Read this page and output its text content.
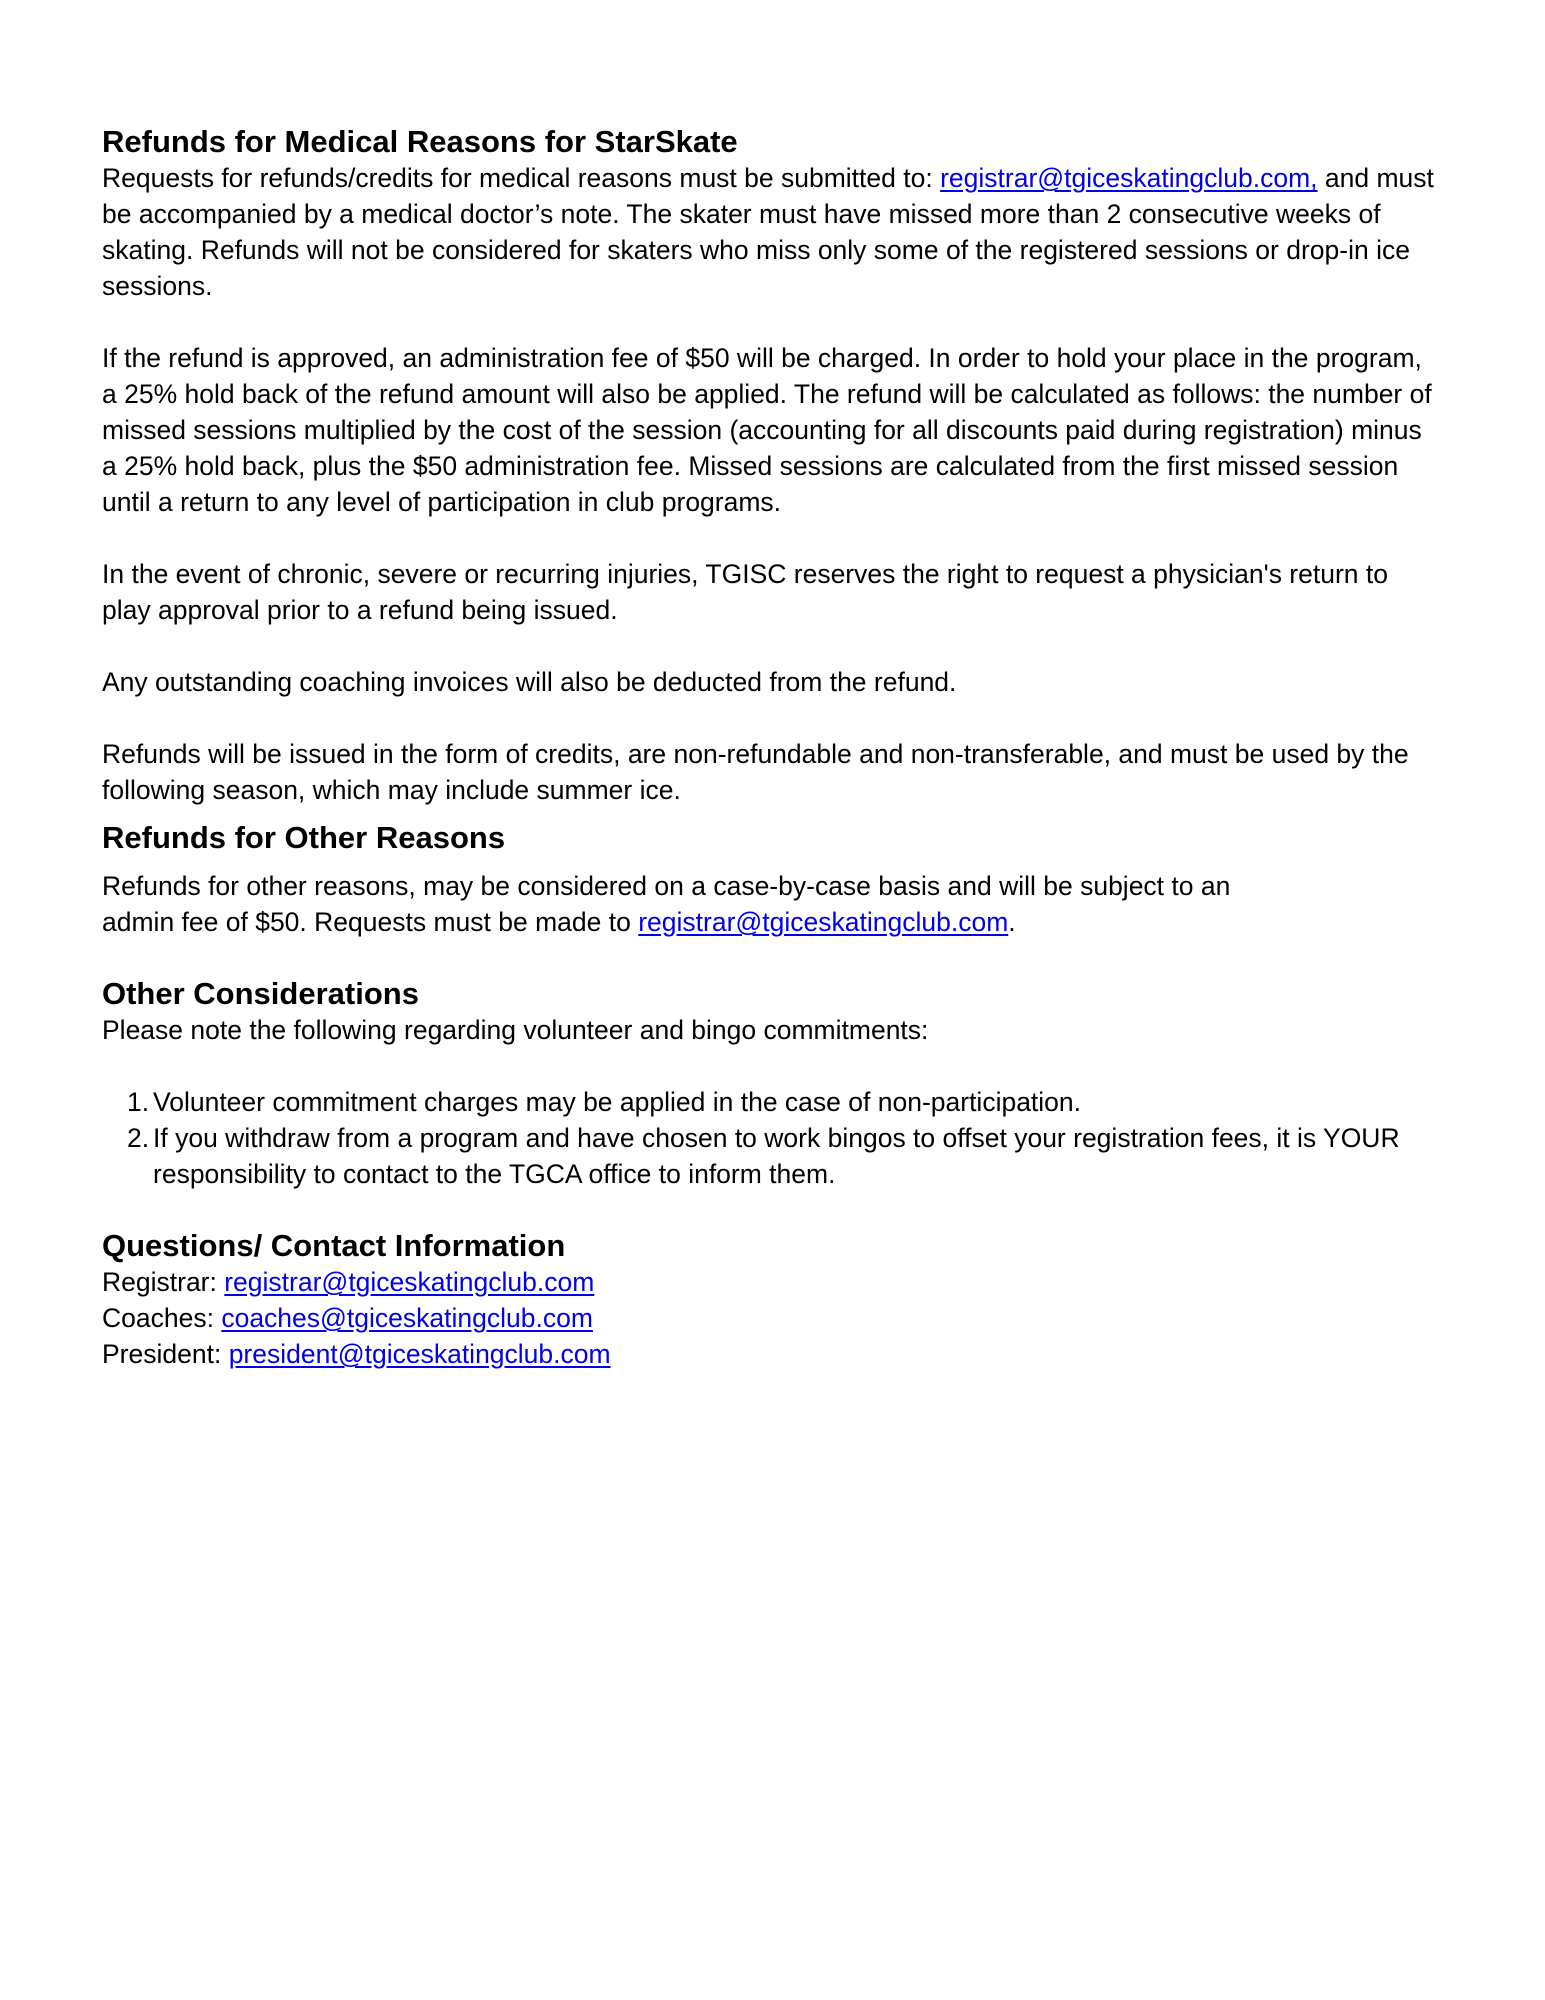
Refunds for Medical Reasons for StarSkate

Requests for refunds/credits for medical reasons must be submitted to: registrar@tgiceskatingclub.com, and must be accompanied by a medical doctor’s note. The skater must have missed more than 2 consecutive weeks of skating. Refunds will not be considered for skaters who miss only some of the registered sessions or drop-in ice sessions.

If the refund is approved, an administration fee of $50 will be charged. In order to hold your place in the program, a 25% hold back of the refund amount will also be applied. The refund will be calculated as follows: the number of missed sessions multiplied by the cost of the session (accounting for all discounts paid during registration) minus a 25% hold back, plus the $50 administration fee. Missed sessions are calculated from the first missed session until a return to any level of participation in club programs.

In the event of chronic, severe or recurring injuries, TGISC reserves the right to request a physician's return to play approval prior to a refund being issued.

Any outstanding coaching invoices will also be deducted from the refund.

Refunds will be issued in the form of credits, are non-refundable and non-transferable, and must be used by the following season, which may include summer ice.

Refunds for Other Reasons

Refunds for other reasons, may be considered on a case-by-case basis and will be subject to an
admin fee of $50. Requests must be made to registrar@tgiceskatingclub.com.

Other Considerations

Please note the following regarding volunteer and bingo commitments:

1. Volunteer commitment charges may be applied in the case of non-participation.
2. If you withdraw from a program and have chosen to work bingos to offset your registration fees, it is YOUR responsibility to contact to the TGCA office to inform them.
Questions/ Contact Information
Registrar: registrar@tgiceskatingclub.com
Coaches: coaches@tgiceskatingclub.com
President: president@tgiceskatingclub.com
